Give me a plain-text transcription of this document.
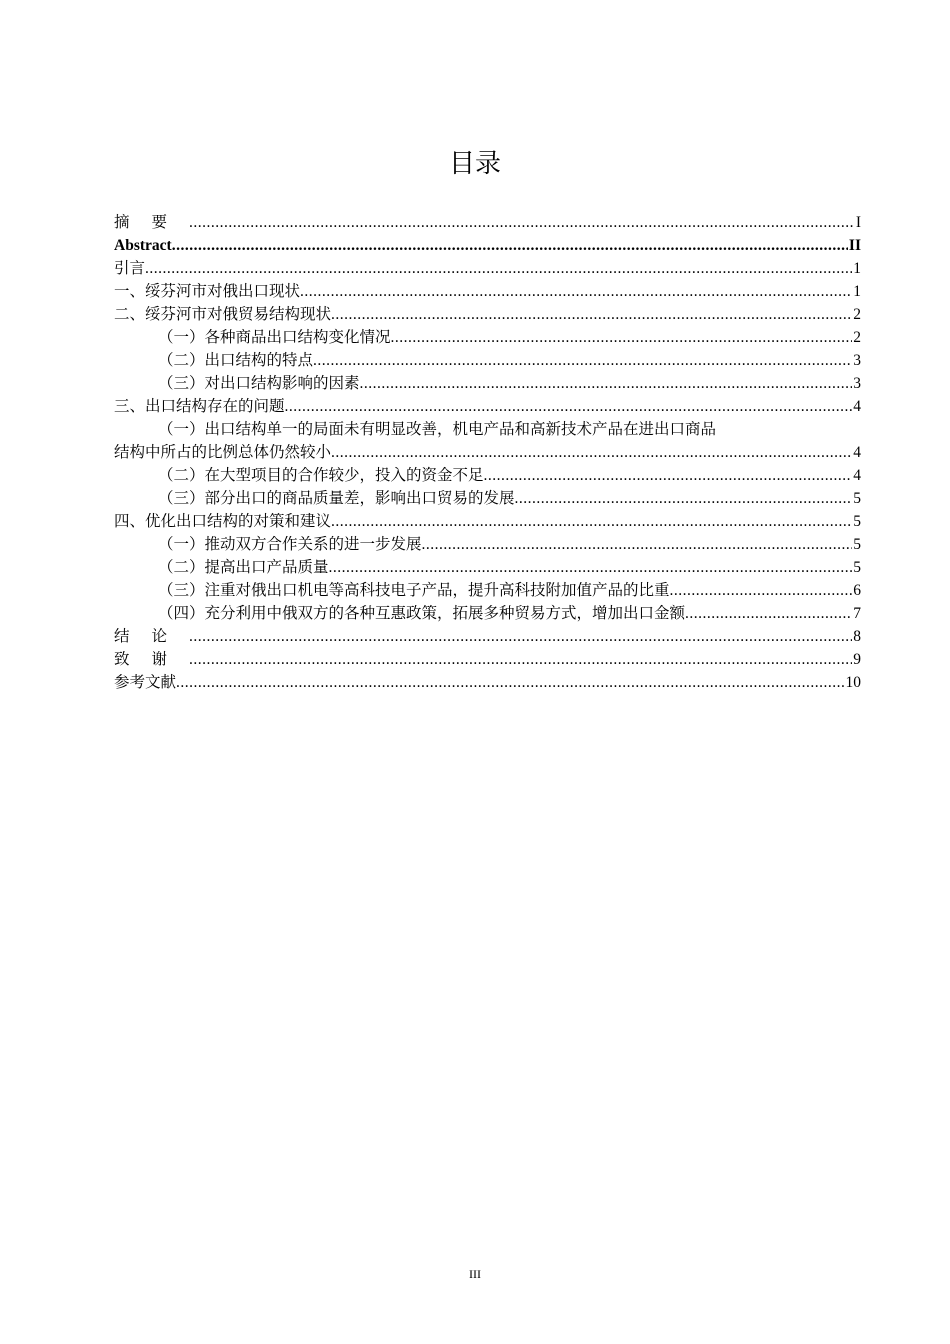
目录
摘要 .....	I
Abstract .....	II
引言 .....	1
一、绥芬河市对俄出口现状 .....	1
二、绥芬河市对俄贸易结构现状 .....	2
（一）各种商品出口结构变化情况 .....	2
（二）出口结构的特点 .....	3
（三）对出口结构影响的因素 .....	3
三、出口结构存在的问题 .....	4
（一）出口结构单一的局面未有明显改善，机电产品和高新技术产品在进出口商品
结构中所占的比例总体仍然较小 .....	4
（二）在大型项目的合作较少，投入的资金不足 .....	4
（三）部分出口的商品质量差，影响出口贸易的发展 .....	5
四、优化出口结构的对策和建议 .....	5
（一）推动双方合作关系的进一步发展 .....	5
（二）提高出口产品质量 .....	5
（三）注重对俄出口机电等高科技电子产品，提升高科技附加值产品的比重 .....	6
（四）充分利用中俄双方的各种互惠政策，拓展多种贸易方式，增加出口金额 .....	7
结论 .....	8
致谢 .....	9
参考文献 .....	10
III
